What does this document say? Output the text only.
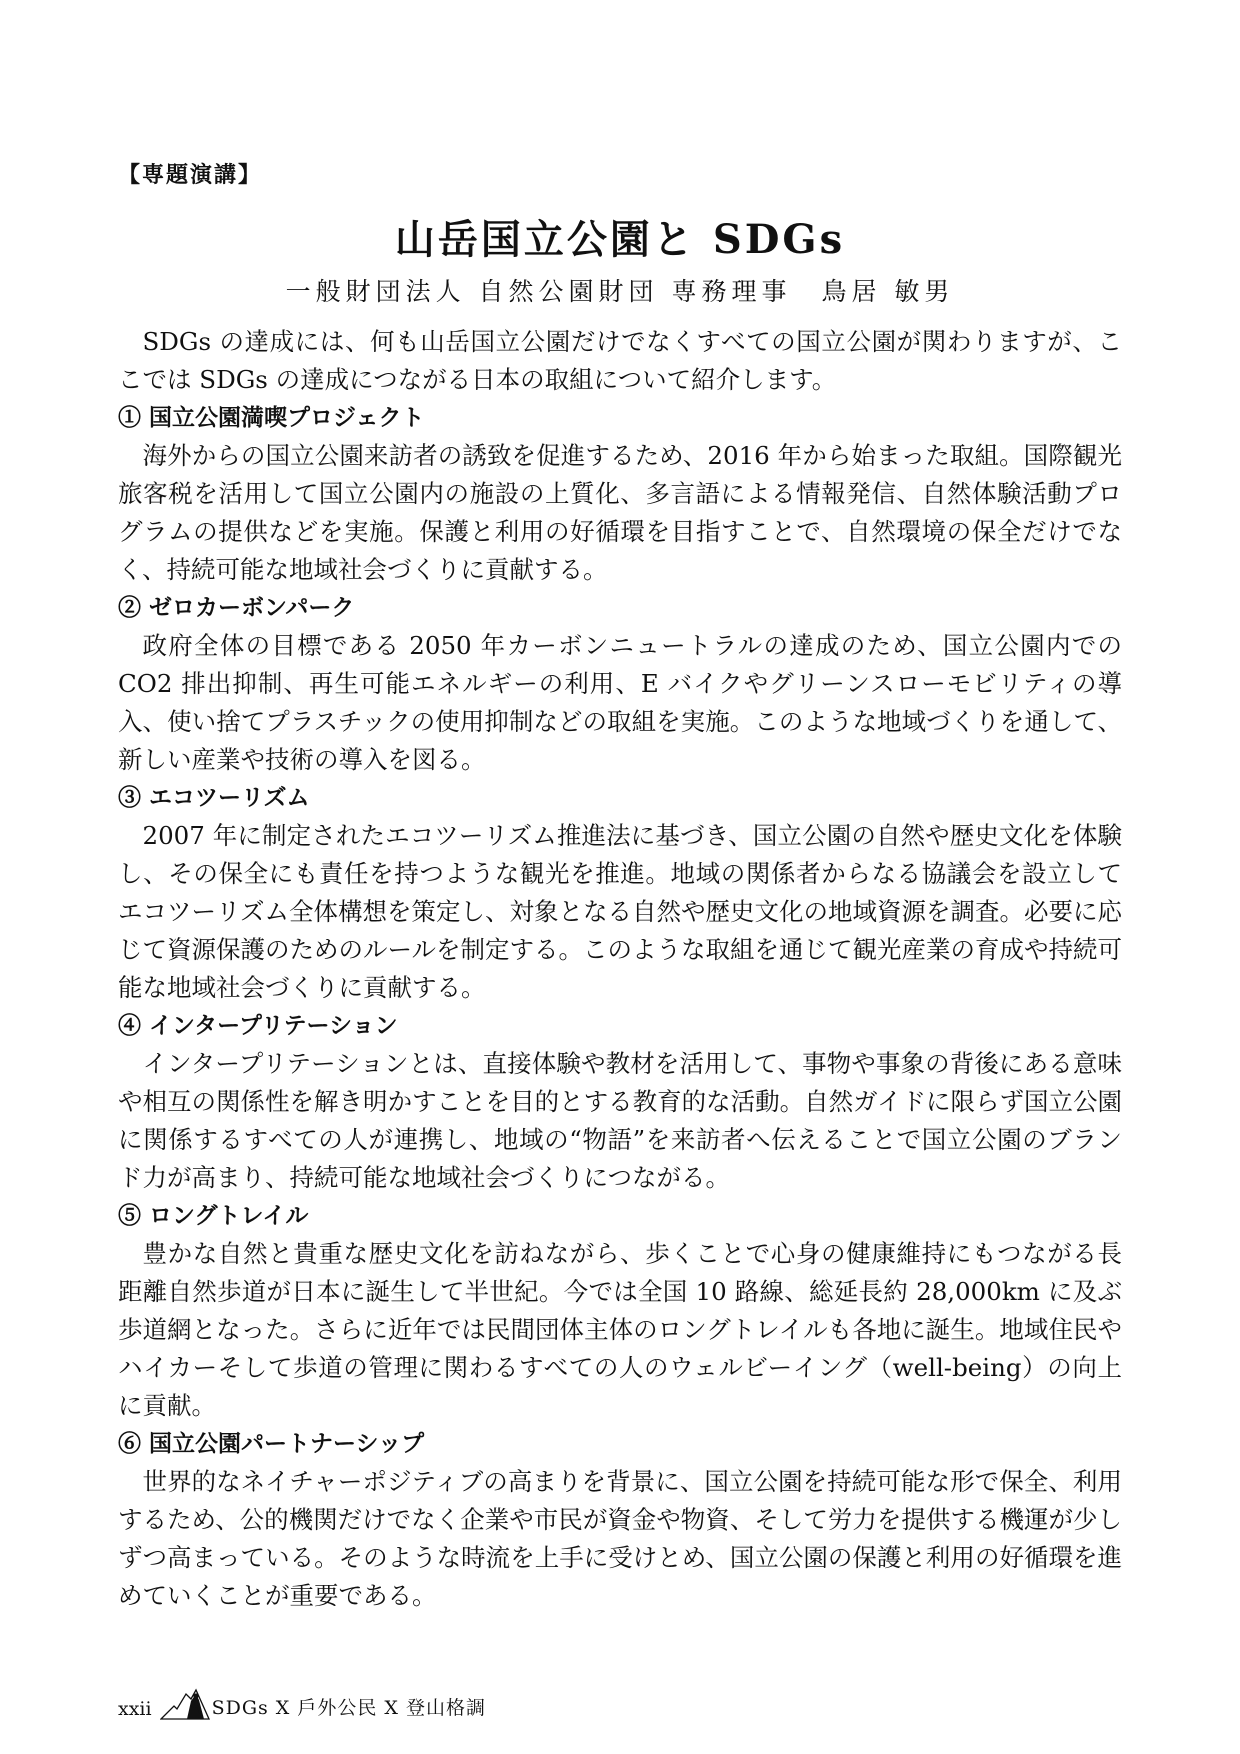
【専題演講】
山岳国立公園と SDGs
一般財団法人 自然公園財団 専務理事　鳥居 敏男

SDGs の達成には、何も山岳国立公園だけでなくすべての国立公園が関わりますが、ここでは SDGs の達成につながる日本の取組について紹介します。

① 国立公園満喫プロジェクト

海外からの国立公園来訪者の誘致を促進するため、2016 年から始まった取組。国際観光旅客税を活用して国立公園内の施設の上質化、多言語による情報発信、自然体験活動プログラムの提供などを実施。保護と利用の好循環を目指すことで、自然環境の保全だけでなく、持続可能な地域社会づくりに貢献する。

② ゼロカーボンパーク

政府全体の目標である 2050 年カーボンニュートラルの達成のため、国立公園内での CO2 排出抑制、再生可能エネルギーの利用、E バイクやグリーンスローモビリティの導入、使い捨てプラスチックの使用抑制などの取組を実施。このような地域づくりを通して、新しい産業や技術の導入を図る。

③ エコツーリズム

2007 年に制定されたエコツーリズム推進法に基づき、国立公園の自然や歴史文化を体験し、その保全にも責任を持つような観光を推進。地域の関係者からなる協議会を設立してエコツーリズム全体構想を策定し、対象となる自然や歴史文化の地域資源を調査。必要に応じて資源保護のためのルールを制定する。このような取組を通じて観光産業の育成や持続可能な地域社会づくりに貢献する。

④ インタープリテーション

インタープリテーションとは、直接体験や教材を活用して、事物や事象の背後にある意味や相互の関係性を解き明かすことを目的とする教育的な活動。自然ガイドに限らず国立公園に関係するすべての人が連携し、地域の“物語”を来訪者へ伝えることで国立公園のブランド力が高まり、持続可能な地域社会づくりにつながる。

⑤ ロングトレイル

豊かな自然と貴重な歴史文化を訪ねながら、歩くことで心身の健康維持にもつながる長距離自然歩道が日本に誕生して半世紀。今では全国 10 路線、総延長約 28,000km に及ぶ歩道網となった。さらに近年では民間団体主体のロングトレイルも各地に誕生。地域住民やハイカーそして歩道の管理に関わるすべての人のウェルビーイング（well-being）の向上に貢献。

⑥ 国立公園パートナーシップ

世界的なネイチャーポジティブの高まりを背景に、国立公園を持続可能な形で保全、利用するため、公的機関だけでなく企業や市民が資金や物資、そして労力を提供する機運が少しずつ高まっている。そのような時流を上手に受けとめ、国立公園の保護と利用の好循環を進めていくことが重要である。

xxii	SDGs X 戶外公民 X 登山格調
